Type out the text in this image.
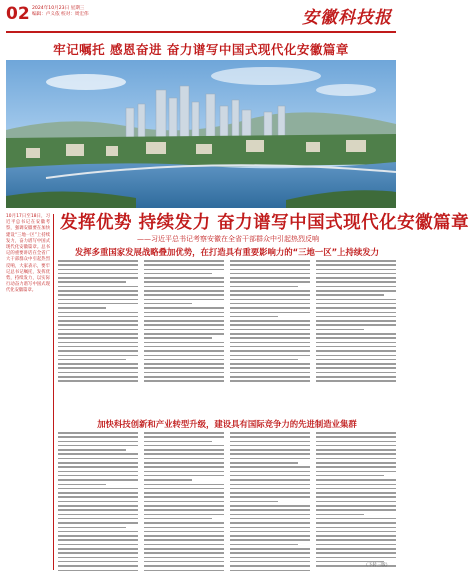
02 2024年10月23日 星期三
编辑：卢义依 校对：周宏伟	安徽科技报
牢记嘱托 感恩奋进 奋力谱写中国式现代化安徽篇章
10月17日至18日，习近平总书记在安徽考察，强调安徽要在加快建设“三地一区”上持续发力，奋力谱写中国式现代化安徽篇章。总书记的重要讲话在全省广大干部群众中引起热烈反响，大家表示，要牢记总书记嘱托，发挥优势，持续发力，以实际行动奋力谱写中国式现代化安徽篇章。
发挥优势 持续发力 奋力谱写中国式现代化安徽篇章
——习近平总书记考察安徽在全省干部群众中引起热烈反响
发挥多重国家发展战略叠加优势，在打造具有重要影响力的“三地一区”上持续发力
加快科技创新和产业转型升级，建设具有国际竞争力的先进制造业集群
（下转三版）
